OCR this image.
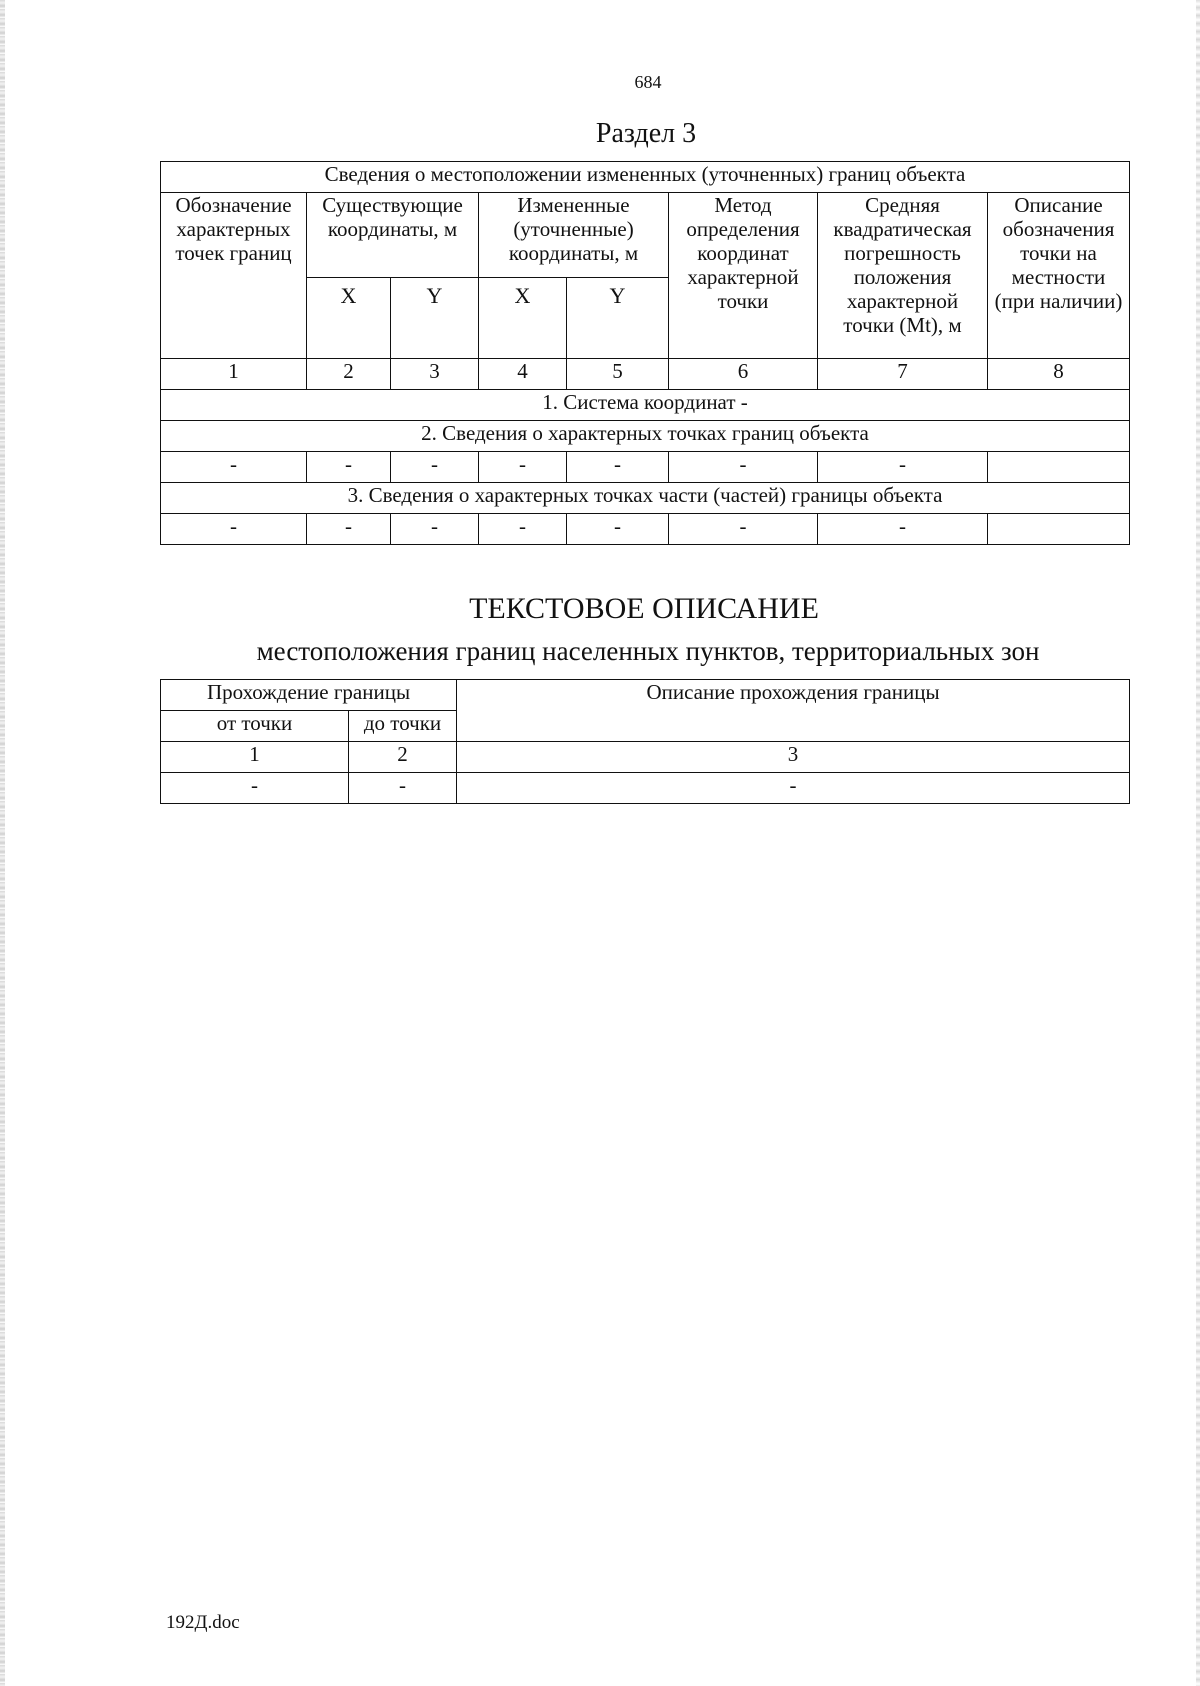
684
Раздел 3
Сведения о местоположении измененных (уточненных) границ объекта							
Обозначение характерных точек границ	Существующие координаты, м		Измененные (уточненные) координаты, м		Метод определения координат характерной точки	Средняя квадратическая погрешность положения характерной точки (Мt), м	Описание обозначения точки на местности (при наличии)
	X	Y	X	Y			
1	2	3	4	5	6	7	8
1. Система координат -							
2. Сведения о характерных точках границ объекта							
-	-	-	-	-	-	-	
3. Сведения о характерных точках части (частей) границы объекта							
-	-	-	-	-	-	-	
ТЕКСТОВОЕ ОПИСАНИЕ
местоположения границ населенных пунктов, территориальных зон
Прохождение границы		Описание прохождения границы
от точки	до точки	
1	2	3
-	-	-
192Д.doc
